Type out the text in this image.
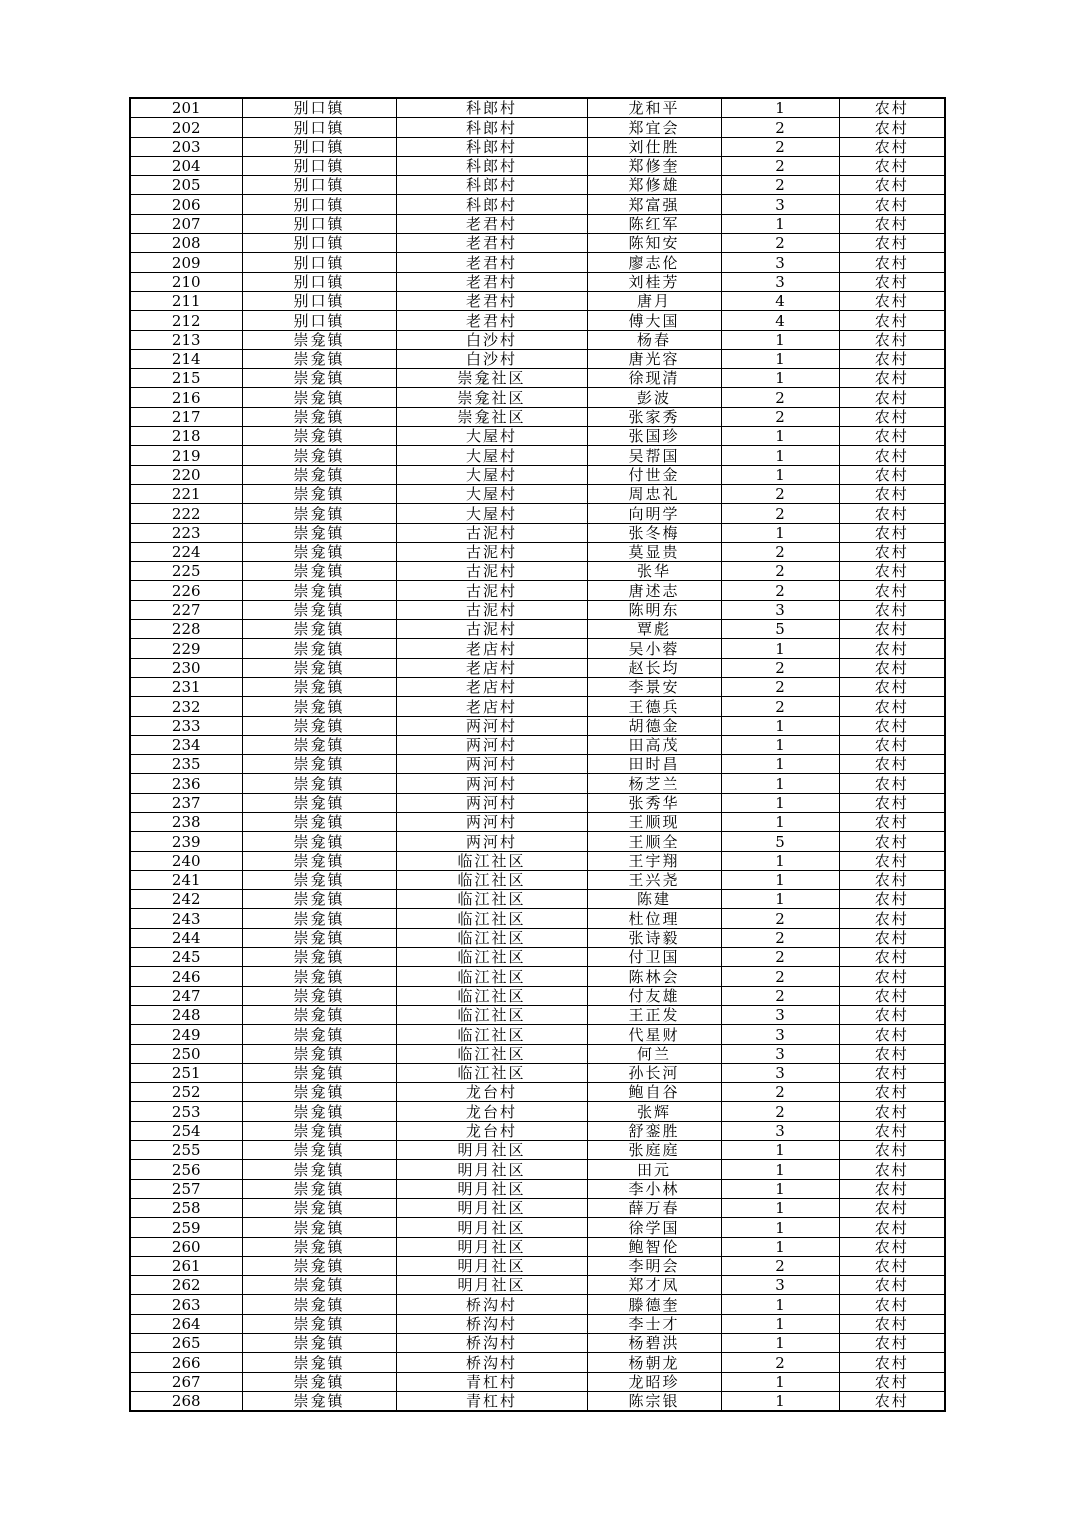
201	别口镇	科郎村	龙和平	1	农村
202	别口镇	科郎村	郑宜会	2	农村
203	别口镇	科郎村	刘仕胜	2	农村
204	别口镇	科郎村	郑修奎	2	农村
205	别口镇	科郎村	郑修雄	2	农村
206	别口镇	科郎村	郑富强	3	农村
207	别口镇	老君村	陈红军	1	农村
208	别口镇	老君村	陈知安	2	农村
209	别口镇	老君村	廖志伦	3	农村
210	别口镇	老君村	刘桂芳	3	农村
211	别口镇	老君村	唐月	4	农村
212	别口镇	老君村	傅大国	4	农村
213	崇龛镇	白沙村	杨春	1	农村
214	崇龛镇	白沙村	唐光容	1	农村
215	崇龛镇	崇龛社区	徐现清	1	农村
216	崇龛镇	崇龛社区	彭波	2	农村
217	崇龛镇	崇龛社区	张家秀	2	农村
218	崇龛镇	大屋村	张国珍	1	农村
219	崇龛镇	大屋村	吴帮国	1	农村
220	崇龛镇	大屋村	付世金	1	农村
221	崇龛镇	大屋村	周忠礼	2	农村
222	崇龛镇	大屋村	向明学	2	农村
223	崇龛镇	古泥村	张冬梅	1	农村
224	崇龛镇	古泥村	莫显贵	2	农村
225	崇龛镇	古泥村	张华	2	农村
226	崇龛镇	古泥村	唐述志	2	农村
227	崇龛镇	古泥村	陈明东	3	农村
228	崇龛镇	古泥村	覃彪	5	农村
229	崇龛镇	老店村	吴小蓉	1	农村
230	崇龛镇	老店村	赵长均	2	农村
231	崇龛镇	老店村	李景安	2	农村
232	崇龛镇	老店村	王德兵	2	农村
233	崇龛镇	两河村	胡德金	1	农村
234	崇龛镇	两河村	田高茂	1	农村
235	崇龛镇	两河村	田时昌	1	农村
236	崇龛镇	两河村	杨芝兰	1	农村
237	崇龛镇	两河村	张秀华	1	农村
238	崇龛镇	两河村	王顺现	1	农村
239	崇龛镇	两河村	王顺全	5	农村
240	崇龛镇	临江社区	王宇翔	1	农村
241	崇龛镇	临江社区	王兴尧	1	农村
242	崇龛镇	临江社区	陈建	1	农村
243	崇龛镇	临江社区	杜位理	2	农村
244	崇龛镇	临江社区	张诗毅	2	农村
245	崇龛镇	临江社区	付卫国	2	农村
246	崇龛镇	临江社区	陈林会	2	农村
247	崇龛镇	临江社区	付友雄	2	农村
248	崇龛镇	临江社区	王正发	3	农村
249	崇龛镇	临江社区	代星财	3	农村
250	崇龛镇	临江社区	何兰	3	农村
251	崇龛镇	临江社区	孙长河	3	农村
252	崇龛镇	龙台村	鲍自谷	2	农村
253	崇龛镇	龙台村	张辉	2	农村
254	崇龛镇	龙台村	舒銮胜	3	农村
255	崇龛镇	明月社区	张庭庭	1	农村
256	崇龛镇	明月社区	田元	1	农村
257	崇龛镇	明月社区	李小林	1	农村
258	崇龛镇	明月社区	薛万春	1	农村
259	崇龛镇	明月社区	徐学国	1	农村
260	崇龛镇	明月社区	鲍智伦	1	农村
261	崇龛镇	明月社区	李明会	2	农村
262	崇龛镇	明月社区	郑才凤	3	农村
263	崇龛镇	桥沟村	滕德奎	1	农村
264	崇龛镇	桥沟村	李士才	1	农村
265	崇龛镇	桥沟村	杨碧洪	1	农村
266	崇龛镇	桥沟村	杨朝龙	2	农村
267	崇龛镇	青杠村	龙昭珍	1	农村
268	崇龛镇	青杠村	陈宗银	1	农村
